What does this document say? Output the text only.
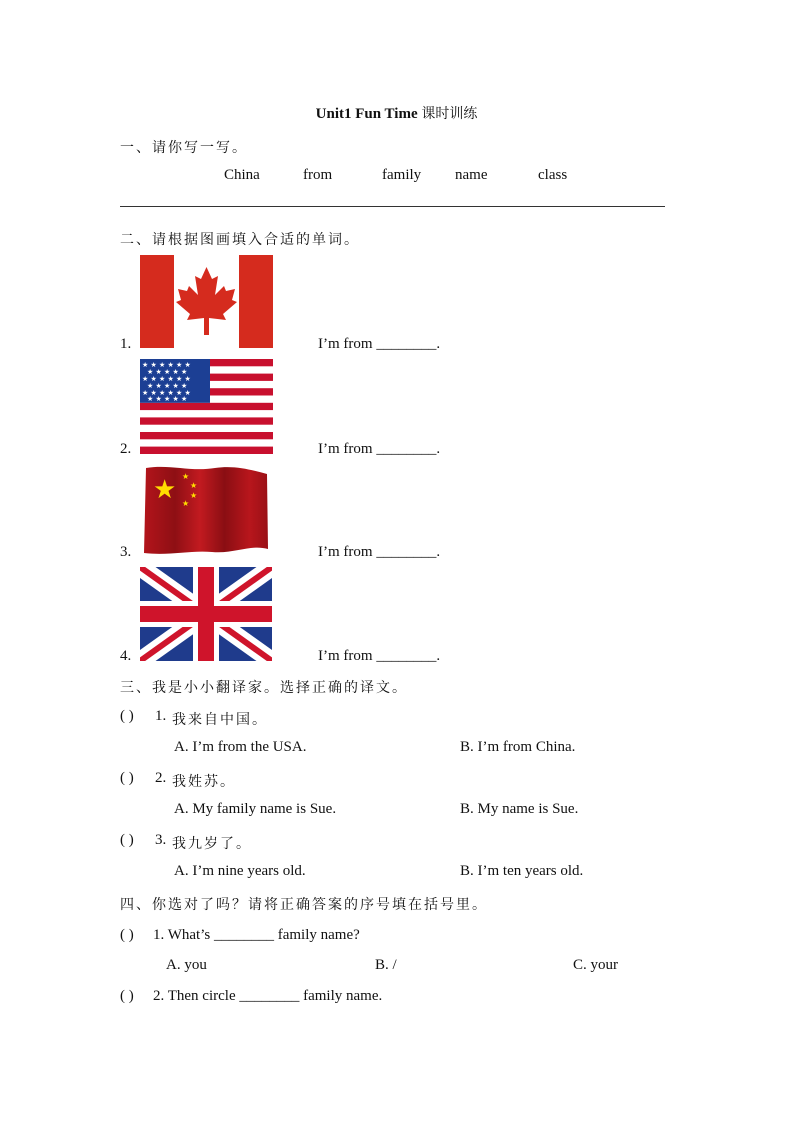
Unit1 Fun Time 课时训练
一、请你写一写。
China	from	family name	class
二、请根据图画填入合适的单词。
1.	I’m from ________.
★ ★ ★ ★ ★ ★
★ ★ ★ ★ ★
★ ★ ★ ★ ★ ★
★ ★ ★ ★ ★
★ ★ ★ ★ ★ ★
★ ★ ★ ★ ★
2.	I’m from ________.
★ ★
★
★
★
3.	I’m from ________.
4.	I’m from ________.
三、我是小小翻译家。选择正确的译文。
( ) 1. 我来自中国。
A. I’m from the USA.	B. I’m from China.
( ) 2. 我姓苏。
A. My family name is Sue.	B. My name is Sue.
( ) 3. 我九岁了。
A. I’m nine years old.	B. I’m ten years old.
四、你选对了吗？请将正确答案的序号填在括号里。
( ) 1. What’s ________ family name?
A. you	B. /	C. your
( ) 2. Then circle ________ family name.
